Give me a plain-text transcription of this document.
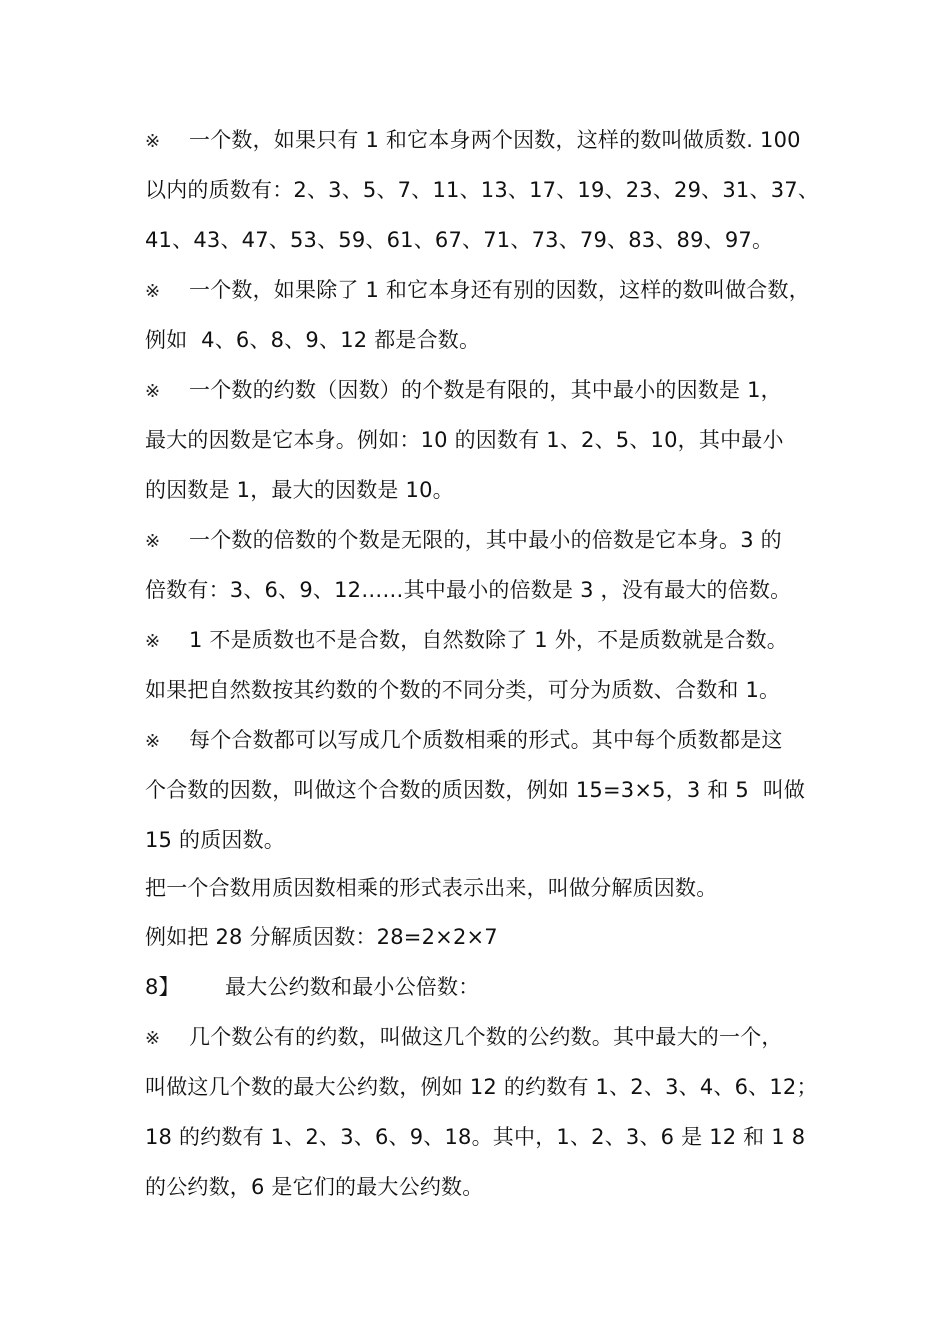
※ 一个数，如果只有 1 和它本身两个因数，这样的数叫做质数. 100
以内的质数有：2、3、5、7、11、13、17、19、23、29、31、37、
41、43、47、53、59、61、67、71、73、79、83、89、97。
※ 一个数，如果除了 1 和它本身还有别的因数，这样的数叫做合数，
例如  4、6、8、9、12 都是合数。
※ 一个数的约数（因数）的个数是有限的，其中最小的因数是 1，
最大的因数是它本身。例如：10 的因数有 1、2、5、10，其中最小
的因数是 1，最大的因数是 10。
※ 一个数的倍数的个数是无限的，其中最小的倍数是它本身。3 的
倍数有：3、6、9、12……其中最小的倍数是 3 ，没有最大的倍数。
※ 1 不是质数也不是合数，自然数除了 1 外，不是质数就是合数。
如果把自然数按其约数的个数的不同分类，可分为质数、合数和 1。
※ 每个合数都可以写成几个质数相乘的形式。其中每个质数都是这
个合数的因数，叫做这个合数的质因数，例如 15=3×5，3 和 5  叫做
15 的质因数。
把一个合数用质因数相乘的形式表示出来，叫做分解质因数。
例如把 28 分解质因数：28=2×2×7
8】 最大公约数和最小公倍数：
※ 几个数公有的约数，叫做这几个数的公约数。其中最大的一个，
叫做这几个数的最大公约数，例如 12 的约数有 1、2、3、4、6、12；
18 的约数有 1、2、3、6、9、18。其中，1、2、3、6 是 12 和 1 8
的公约数，6 是它们的最大公约数。
